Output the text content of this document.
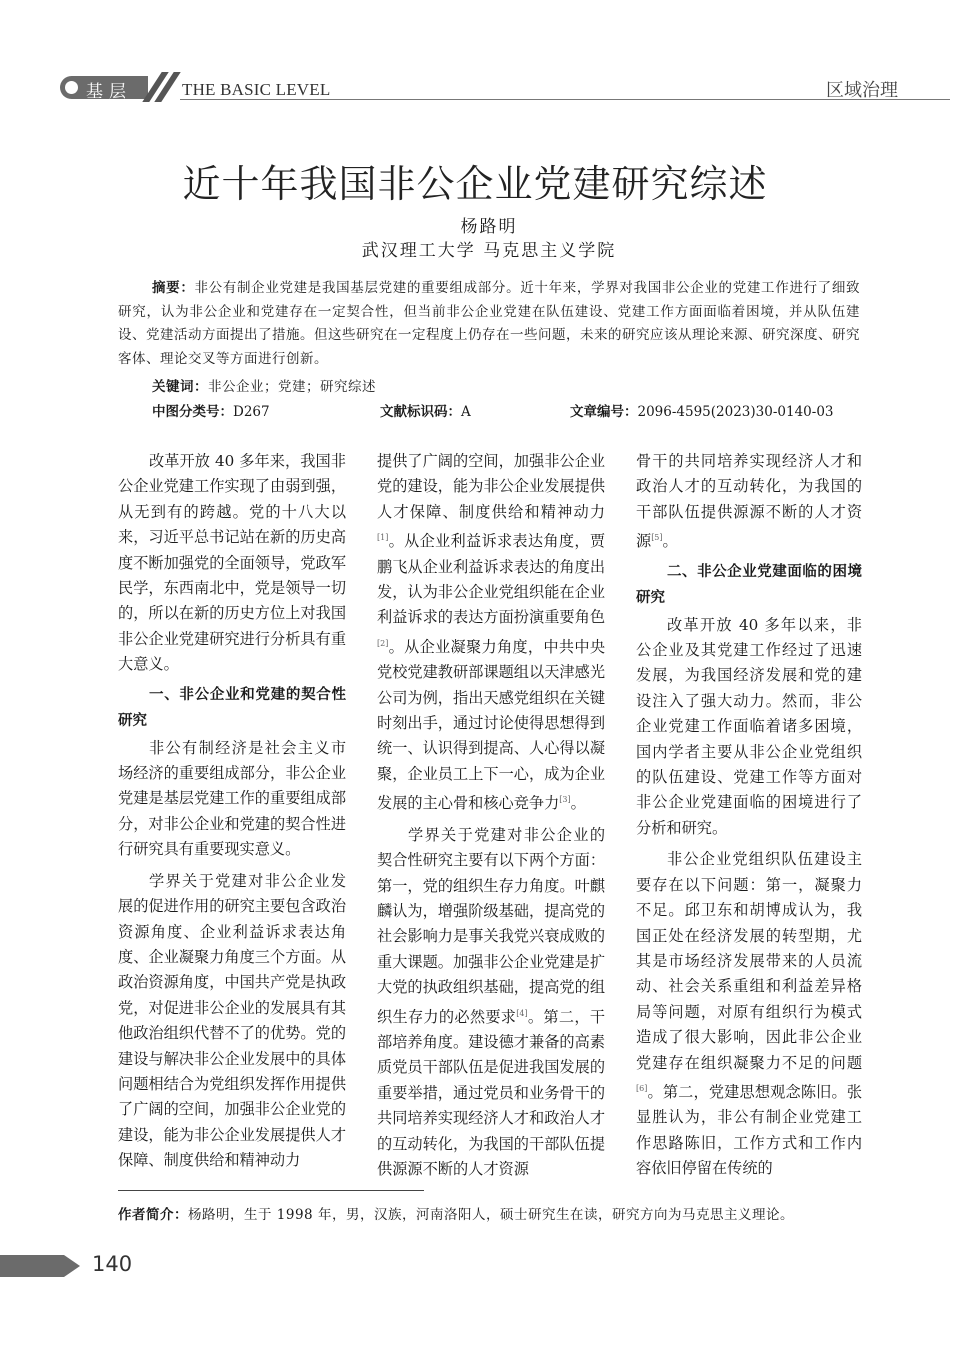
基层	THE BASIC LEVEL	区域治理
近十年我国非公企业党建研究综述
杨路明
武汉理工大学 马克思主义学院

摘要：非公有制企业党建是我国基层党建的重要组成部分。近十年来，学界对我国非公企业的党建工作进行了细致研究，认为非公企业和党建存在一定契合性，但当前非公企业党建在队伍建设、党建工作方面面临着困境，并从队伍建设、党建活动方面提出了措施。但这些研究在一定程度上仍存在一些问题，未来的研究应该从理论来源、研究深度、研究客体、理论交叉等方面进行创新。

关键词：非公企业；党建；研究综述
中图分类号：D267	文献标识码：A	文章编号：2096-4595(2023)30-0140-03

改革开放 40 多年来，我国非公企业党建工作实现了由弱到强，从无到有的跨越。党的十八大以来，习近平总书记站在新的历史高度不断加强党的全面领导，党政军民学，东西南北中，党是领导一切的，所以在新的历史方位上对我国非公企业党建研究进行分析具有重大意义。

一、非公企业和党建的契合性研究

非公有制经济是社会主义市场经济的重要组成部分，非公企业党建是基层党建工作的重要组成部分，对非公企业和党建的契合性进行研究具有重要现实意义。

学界关于党建对非公企业发展的促进作用的研究主要包含政治资源角度、企业利益诉求表达角度、企业凝聚力角度三个方面。从政治资源角度，中国共产党是执政党，对促进非公企业的发展具有其他政治组织代替不了的优势。党的建设与解决非公企业发展中的具体问题相结合为党组织发挥作用提供了广阔的空间，加强非公企业党的建设，能为非公企业发展提供人才保障、制度供给和精神动力

提供了广阔的空间，加强非公企业党的建设，能为非公企业发展提供人才保障、制度供给和精神动力[1]。从企业利益诉求表达角度，贾鹏飞从企业利益诉求表达的角度出发，认为非公企业党组织能在企业利益诉求的表达方面扮演重要角色[2]。从企业凝聚力角度，中共中央党校党建教研部课题组以天津感光公司为例，指出天感党组织在关键时刻出手，通过讨论使得思想得到统一、认识得到提高、人心得以凝聚，企业员工上下一心，成为企业发展的主心骨和核心竞争力[3]。

学界关于党建对非公企业的契合性研究主要有以下两个方面：第一，党的组织生存力角度。叶麒麟认为，增强阶级基础，提高党的社会影响力是事关我党兴衰成败的重大课题。加强非公企业党建是扩大党的执政组织基础，提高党的组织生存力的必然要求[4]。第二，干部培养角度。建设德才兼备的高素质党员干部队伍是促进我国发展的重要举措，通过党员和业务骨干的共同培养实现经济人才和政治人才的互动转化，为我国的干部队伍提供源源不断的人才资源

骨干的共同培养实现经济人才和政治人才的互动转化，为我国的干部队伍提供源源不断的人才资源[5]。

二、非公企业党建面临的困境研究

改革开放 40 多年以来，非公企业及其党建工作经过了迅速发展，为我国经济发展和党的建设注入了强大动力。然而，非公企业党建工作面临着诸多困境，国内学者主要从非公企业党组织的队伍建设、党建工作等方面对非公企业党建面临的困境进行了分析和研究。

非公企业党组织队伍建设主要存在以下问题：第一，凝聚力不足。邱卫东和胡博成认为，我国正处在经济发展的转型期，尤其是市场经济发展带来的人员流动、社会关系重组和利益差异格局等问题，对原有组织行为模式造成了很大影响，因此非公企业党建存在组织凝聚力不足的问题[6]。第二，党建思想观念陈旧。张显胜认为，非公有制企业党建工作思路陈旧，工作方式和工作内容依旧停留在传统的

作者简介：杨路明，生于 1998 年，男，汉族，河南洛阳人，硕士研究生在读，研究方向为马克思主义理论。
140
